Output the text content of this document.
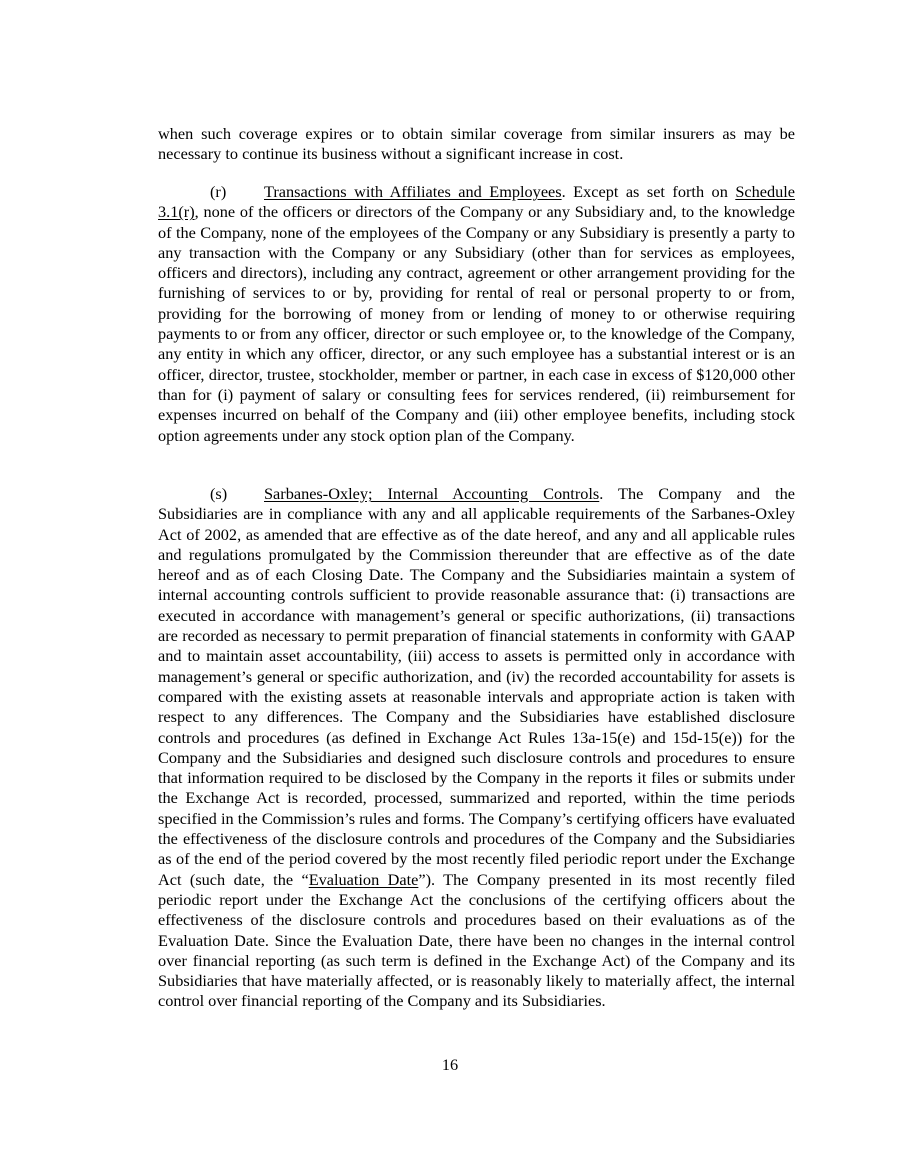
when such coverage expires or to obtain similar coverage from similar insurers as may be necessary to continue its business without a significant increase in cost.

(r) Transactions with Affiliates and Employees. Except as set forth on Schedule 3.1(r), none of the officers or directors of the Company or any Subsidiary and, to the knowledge of the Company, none of the employees of the Company or any Subsidiary is presently a party to any transaction with the Company or any Subsidiary (other than for services as employees, officers and directors), including any contract, agreement or other arrangement providing for the furnishing of services to or by, providing for rental of real or personal property to or from, providing for the borrowing of money from or lending of money to or otherwise requiring payments to or from any officer, director or such employee or, to the knowledge of the Company, any entity in which any officer, director, or any such employee has a substantial interest or is an officer, director, trustee, stockholder, member or partner, in each case in excess of $120,000 other than for (i) payment of salary or consulting fees for services rendered, (ii) reimbursement for expenses incurred on behalf of the Company and (iii) other employee benefits, including stock option agreements under any stock option plan of the Company.

(s) Sarbanes-Oxley; Internal Accounting Controls. The Company and the Subsidiaries are in compliance with any and all applicable requirements of the Sarbanes-Oxley Act of 2002, as amended that are effective as of the date hereof, and any and all applicable rules and regulations promulgated by the Commission thereunder that are effective as of the date hereof and as of each Closing Date. The Company and the Subsidiaries maintain a system of internal accounting controls sufficient to provide reasonable assurance that: (i) transactions are executed in accordance with management’s general or specific authorizations, (ii) transactions are recorded as necessary to permit preparation of financial statements in conformity with GAAP and to maintain asset accountability, (iii) access to assets is permitted only in accordance with management’s general or specific authorization, and (iv) the recorded accountability for assets is compared with the existing assets at reasonable intervals and appropriate action is taken with respect to any differences. The Company and the Subsidiaries have established disclosure controls and procedures (as defined in Exchange Act Rules 13a-15(e) and 15d-15(e)) for the Company and the Subsidiaries and designed such disclosure controls and procedures to ensure that information required to be disclosed by the Company in the reports it files or submits under the Exchange Act is recorded, processed, summarized and reported, within the time periods specified in the Commission’s rules and forms. The Company’s certifying officers have evaluated the effectiveness of the disclosure controls and procedures of the Company and the Subsidiaries as of the end of the period covered by the most recently filed periodic report under the Exchange Act (such date, the “Evaluation Date”). The Company presented in its most recently filed periodic report under the Exchange Act the conclusions of the certifying officers about the effectiveness of the disclosure controls and procedures based on their evaluations as of the Evaluation Date. Since the Evaluation Date, there have been no changes in the internal control over financial reporting (as such term is defined in the Exchange Act) of the Company and its Subsidiaries that have materially affected, or is reasonably likely to materially affect, the internal control over financial reporting of the Company and its Subsidiaries.

16
